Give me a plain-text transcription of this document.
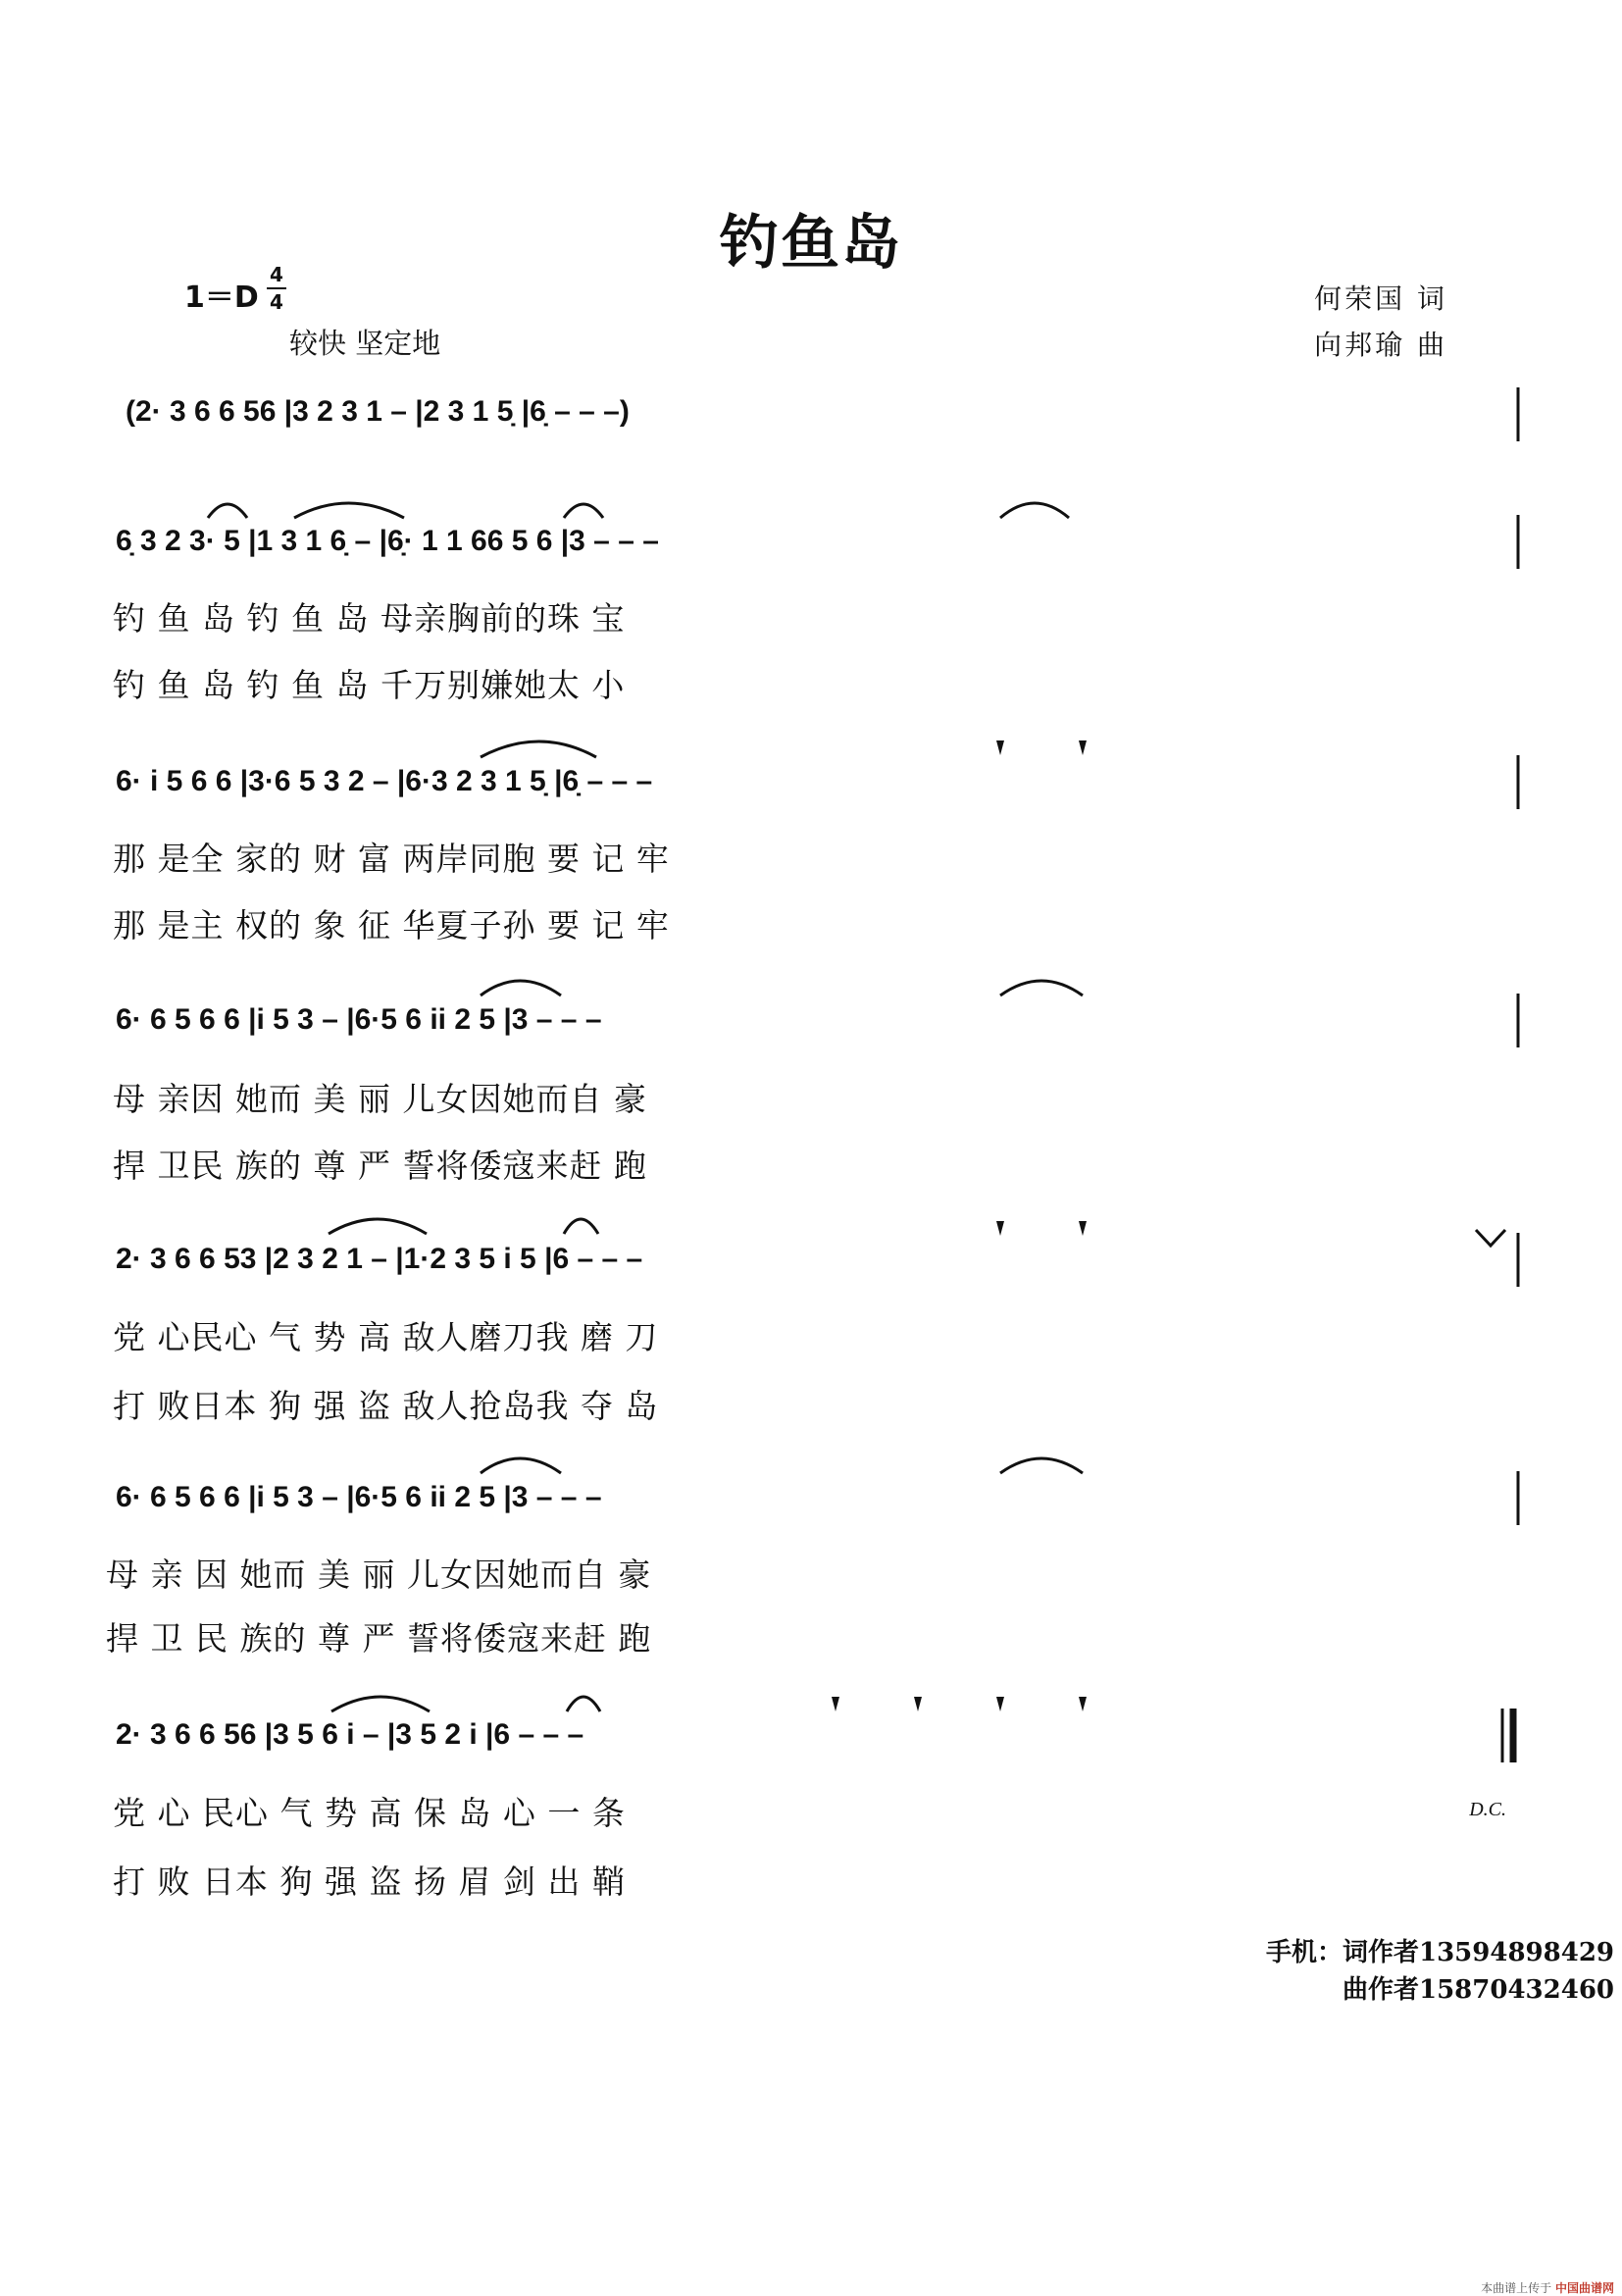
钓鱼岛
1＝D
4
4
较快 坚定地
何荣国 词
向邦瑜 曲
(2· 3 6 6 56 |3 2 3 1 – |2 3 1 5̣ |6̣ – – –)
6̣ 3 2 3· 5 |1 3 1 6̣ – |6̣· 1 1 66 5 6 |3 – – –
钓 鱼 岛 钓 鱼 岛 母亲胸前的珠 宝
钓 鱼 岛 钓 鱼 岛 千万别嫌她太 小
6· i 5 6 6 |3·6 5 3 2 – |6·3 2 3 1 5̣ |6̣ – – –
那 是全 家的 财 富 两岸同胞 要 记 牢
那 是主 权的 象 征 华夏子孙 要 记 牢
6· 6 5 6 6 |i 5 3 – |6·5 6 ii 2 5 |3 – – –
母 亲因 她而 美 丽 儿女因她而自 豪
捍 卫民 族的 尊 严 誓将倭寇来赶 跑
2· 3 6 6 53 |2 3 2 1 – |1·2 3 5 i 5 |6 – – –
党 心民心 气 势 高 敌人磨刀我 磨 刀
打 败日本 狗 强 盗 敌人抢岛我 夺 岛
6· 6 5 6 6 |i 5 3 – |6·5 6 ii 2 5 |3 – – –
母 亲 因 她而 美 丽 儿女因她而自 豪
捍 卫 民 族的 尊 严 誓将倭寇来赶 跑
2· 3 6 6 56 |3 5 6 i – |3 5 2 i |6 – – –
党 心 民心 气 势 高 保 岛 心 一 条
打 败 日本 狗 强 盗 扬 眉 剑 出 鞘
D.C.
手机：词作者13594898429
曲作者15870432460
本曲谱上传于 中国曲谱网
